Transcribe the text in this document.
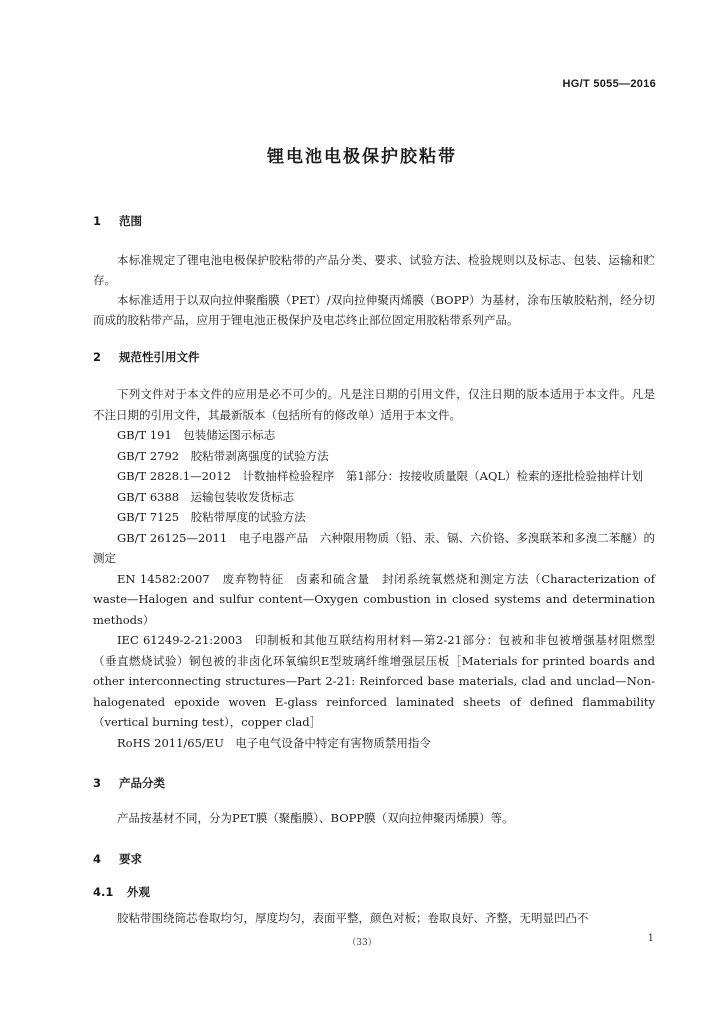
HG/T 5055—2016
锂电池电极保护胶粘带
1 范围

本标准规定了锂电池电极保护胶粘带的产品分类、要求、试验方法、检验规则以及标志、包装、运输和贮存。

本标准适用于以双向拉伸聚酯膜（PET）/双向拉伸聚丙烯膜（BOPP）为基材，涂布压敏胶粘剂，经分切而成的胶粘带产品，应用于锂电池正极保护及电芯终止部位固定用胶粘带系列产品。

2 规范性引用文件

下列文件对于本文件的应用是必不可少的。凡是注日期的引用文件，仅注日期的版本适用于本文件。凡是不注日期的引用文件，其最新版本（包括所有的修改单）适用于本文件。

GB/T 191　包装储运图示标志

GB/T 2792　胶粘带剥离强度的试验方法

GB/T 2828.1—2012　计数抽样检验程序　第1部分：按接收质量限（AQL）检索的逐批检验抽样计划

GB/T 6388　运输包装收发货标志

GB/T 7125　胶粘带厚度的试验方法

GB/T 26125—2011　电子电器产品　六种限用物质（铅、汞、镉、六价铬、多溴联苯和多溴二苯醚）的测定

EN 14582:2007　废弃物特征　卤素和硫含量　封闭系统氧燃烧和测定方法（Characterization of waste—Halogen and sulfur content—Oxygen combustion in closed systems and determination methods）

IEC 61249-2-21:2003　印制板和其他互联结构用材料—第2-21部分：包被和非包被增强基材阻燃型（垂直燃烧试验）铜包被的非卤化环氧编织E型玻璃纤维增强层压板［Materials for printed boards and other interconnecting structures—Part 2-21: Reinforced base materials, clad and unclad—Non-halogenated epoxide woven E-glass reinforced laminated sheets of defined flammability（vertical burning test），copper clad］

RoHS 2011/65/EU　电子电气设备中特定有害物质禁用指令

3 产品分类

产品按基材不同，分为PET膜（聚酯膜）、BOPP膜（双向拉伸聚丙烯膜）等。

4 要求
4.1 外观

胶粘带围绕筒芯卷取均匀，厚度均匀，表面平整，颜色对板；卷取良好、齐整，无明显凹凸不

（33）	1
